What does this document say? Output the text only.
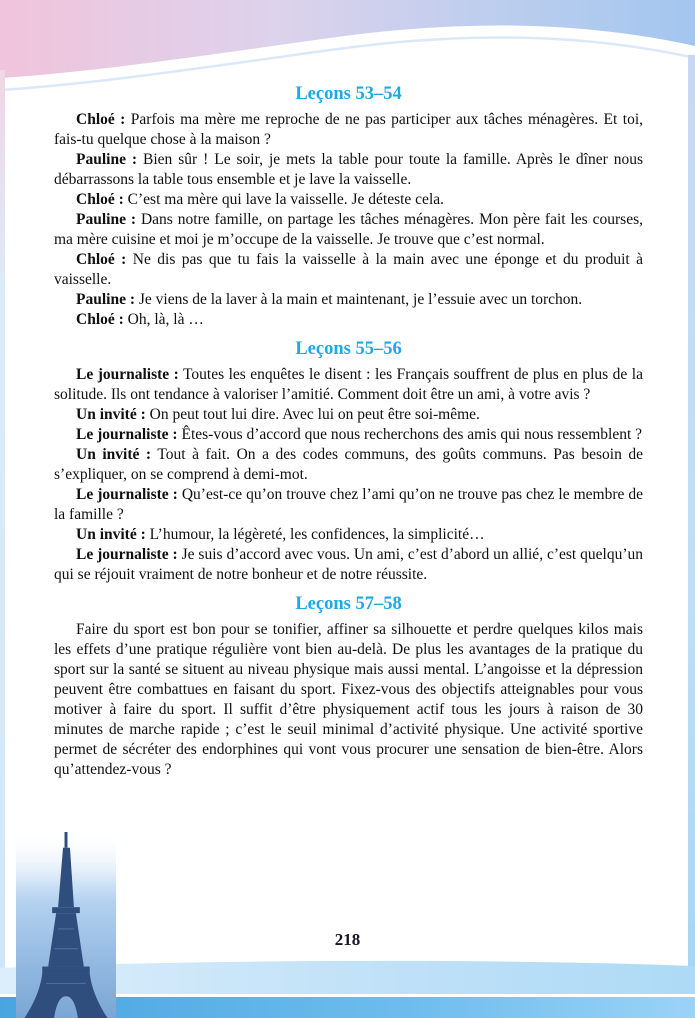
Leçons 53–54

Chloé : Parfois ma mère me reproche de ne pas participer aux tâches ménagères. Et toi, fais-tu quelque chose à la maison ?

Pauline : Bien sûr ! Le soir, je mets la table pour toute la famille. Après le dîner nous débarrassons la table tous ensemble et je lave la vaisselle.

Chloé : C’est ma mère qui lave la vaisselle. Je déteste cela.

Pauline : Dans notre famille, on partage les tâches ménagères. Mon père fait les courses, ma mère cuisine et moi je m’occupe de la vaisselle. Je trouve que c’est normal.

Chloé : Ne dis pas que tu fais la vaisselle à la main avec une éponge et du produit à vaisselle.

Pauline : Je viens de la laver à la main et maintenant, je l’essuie avec un torchon.

Chloé : Oh, là, là …

Leçons 55–56

Le journaliste : Toutes les enquêtes le disent : les Français souffrent de plus en plus de la solitude. Ils ont tendance à valoriser l’amitié. Comment doit être un ami, à votre avis ?

Un invité : On peut tout lui dire. Avec lui on peut être soi-même.

Le journaliste : Êtes-vous d’accord que nous recherchons des amis qui nous ressemblent ?

Un invité : Tout à fait. On a des codes communs, des goûts communs. Pas besoin de s’expliquer, on se comprend à demi-mot.

Le journaliste : Qu’est-ce qu’on trouve chez l’ami qu’on ne trouve pas chez le membre de la famille ?

Un invité : L’humour, la légèreté, les confidences, la simplicité…

Le journaliste : Je suis d’accord avec vous. Un ami, c’est d’abord un allié, c’est quelqu’un qui se réjouit vraiment de notre bonheur et de notre réussite.

Leçons 57–58

Faire du sport est bon pour se tonifier, affiner sa silhouette et perdre quelques kilos mais les effets d’une pratique régulière vont bien au-delà. De plus les avantages de la pratique du sport sur la santé se situent au niveau physique mais aussi mental. L’angoisse et la dépression peuvent être combattues en faisant du sport. Fixez-vous des objectifs atteignables pour vous motiver à faire du sport. Il suffit d’être physiquement actif tous les jours à raison de 30 minutes de marche rapide ; c’est le seuil minimal d’activité physique. Une activité sportive permet de sécréter des endorphines qui vont vous procurer une sensation de bien-être. Alors qu’attendez-vous ?

218
